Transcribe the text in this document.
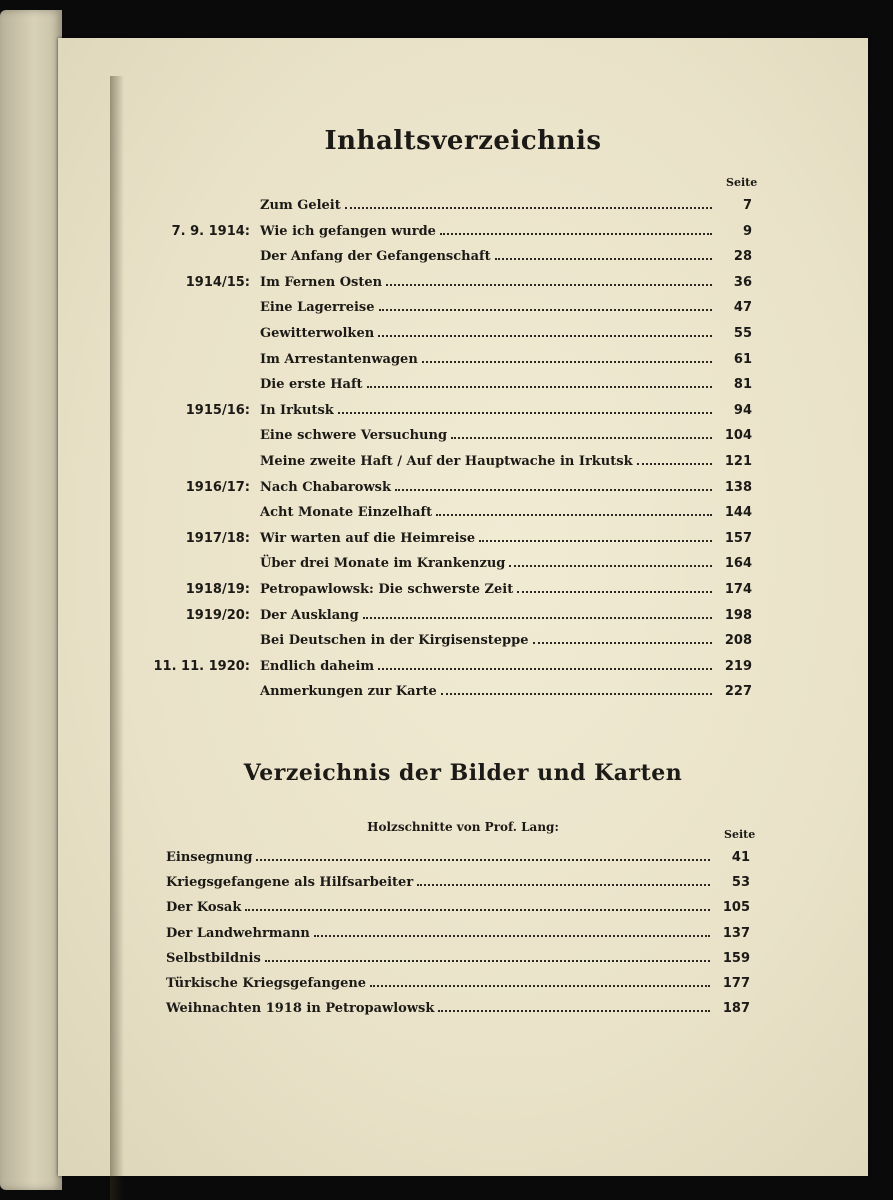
Inhaltsverzeichnis
Seite
Zum Geleit	7
7. 9. 1914: Wie ich gefangen wurde	9
Der Anfang der Gefangenschaft	28
1914/15: Im Fernen Osten	36
Eine Lagerreise	47
Gewitterwolken	55
Im Arrestantenwagen	61
Die erste Haft	81
1915/16: In Irkutsk	94
Eine schwere Versuchung	104
Meine zweite Haft / Auf der Hauptwache in Irkutsk	121
1916/17: Nach Chabarowsk	138
Acht Monate Einzelhaft	144
1917/18: Wir warten auf die Heimreise	157
Über drei Monate im Krankenzug	164
1918/19: Petropawlowsk: Die schwerste Zeit	174
1919/20: Der Ausklang	198
Bei Deutschen in der Kirgisensteppe	208
11. 11. 1920: Endlich daheim	219
Anmerkungen zur Karte	227
Verzeichnis der Bilder und Karten
Holzschnitte von Prof. Lang:
Seite
Einsegnung	41
Kriegsgefangene als Hilfsarbeiter	53
Der Kosak	105
Der Landwehrmann	137
Selbstbildnis	159
Türkische Kriegsgefangene	177
Weihnachten 1918 in Petropawlowsk	187
